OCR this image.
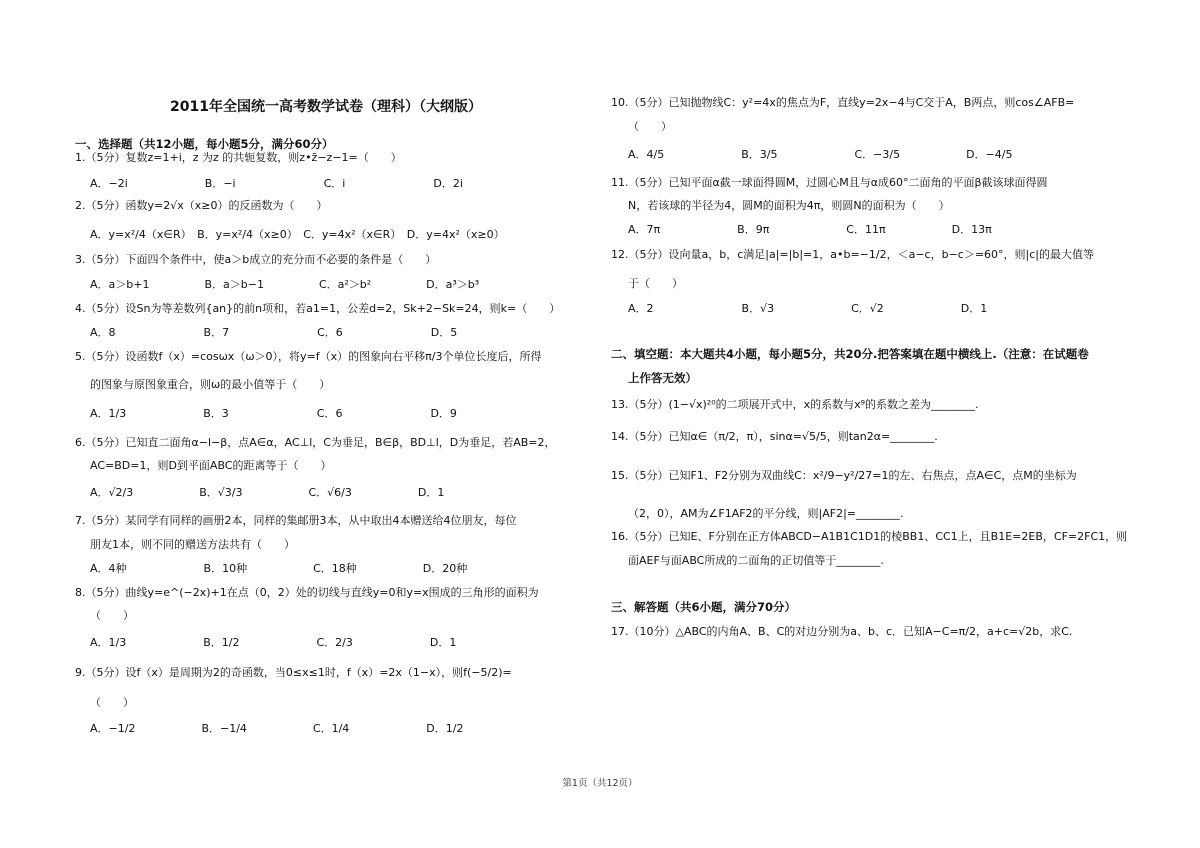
2011年全国统一高考数学试卷（理科）（大纲版）
一、选择题（共12小题，每小题5分，满分60分）
1.（5分）复数z=1+i，z 为z 的共轭复数，则z•z̄−z−1=（　　）
A．−2i　　　　　　　B．−i　　　　　　　　C．i　　　　　　　　D．2i
2.（5分）函数y=2√x（x≥0）的反函数为（　　）
A．y=x²/4（x∈R）　B．y=x²/4（x≥0）　C．y=4x²（x∈R）　D．y=4x²（x≥0）
3.（5分）下面四个条件中，使a＞b成立的充分而不必要的条件是（　　）
A．a＞b+1　　　　　B．a＞b−1　　　　　C．a²＞b²　　　　　D．a³＞b³
4.（5分）设Sn为等差数列{an}的前n项和，若a1=1，公差d=2，Sk+2−Sk=24，则k=（　　）
A．8　　　　　　　　B．7　　　　　　　　C．6　　　　　　　　D．5
5.（5分）设函数f（x）=cosωx（ω＞0），将y=f（x）的图象向右平移π/3个单位长度后，所得
的图象与原图象重合，则ω的最小值等于（　　）
A．1/3　　　　　　　B．3　　　　　　　　C．6　　　　　　　　D．9
6.（5分）已知直二面角α−l−β，点A∈α，AC⊥l，C为垂足，B∈β，BD⊥l，D为垂足，若AB=2，
AC=BD=1，则D到平面ABC的距离等于（　　）
A．√2/3　　　　　　B．√3/3　　　　　　C．√6/3　　　　　　D．1
7.（5分）某同学有同样的画册2本，同样的集邮册3本，从中取出4本赠送给4位朋友，每位
朋友1本，则不同的赠送方法共有（　　）
A．4种　　　　　　　B．10种　　　　　　C．18种　　　　　　D．20种
8.（5分）曲线y=e^(−2x)+1在点（0，2）处的切线与直线y=0和y=x围成的三角形的面积为
（　　）
A．1/3　　　　　　　B．1/2　　　　　　　C．2/3　　　　　　　D．1
9.（5分）设f（x）是周期为2的奇函数，当0≤x≤1时，f（x）=2x（1−x），则f(−5/2)=
（　　）
A．−1/2　　　　　　B．−1/4　　　　　　C．1/4　　　　　　　D．1/2
10.（5分）已知抛物线C：y²=4x的焦点为F，直线y=2x−4与C交于A，B两点，则cos∠AFB=
（　　）
A．4/5　　　　　　　B．3/5　　　　　　　C．−3/5　　　　　　D．−4/5
11.（5分）已知平面α截一球面得圆M，过圆心M且与α成60°二面角的平面β截该球面得圆
N，若该球的半径为4，圆M的面积为4π，则圆N的面积为（　　）
A．7π　　　　　　　B．9π　　　　　　　C．11π　　　　　　D．13π
12.（5分）设向量a，b，c满足|a|=|b|=1，a•b=−1/2，＜a−c，b−c＞=60°，则|c|的最大值等
于（　　）
A．2　　　　　　　　B．√3　　　　　　　C．√2　　　　　　　D．1
二、填空题：本大题共4小题，每小题5分，共20分.把答案填在题中横线上.（注意：在试题卷
上作答无效）
13.（5分）(1−√x)²⁰的二项展开式中，x的系数与x⁹的系数之差为________.
14.（5分）已知α∈（π/2，π），sinα=√5/5，则tan2α=________.
15.（5分）已知F1、F2分别为双曲线C：x²/9−y²/27=1的左、右焦点，点A∈C，点M的坐标为
（2，0），AM为∠F1AF2的平分线，则|AF2|=________.
16.（5分）已知E、F分别在正方体ABCD−A1B1C1D1的棱BB1、CC1上，且B1E=2EB，CF=2FC1，则
面AEF与面ABC所成的二面角的正切值等于________.
三、解答题（共6小题，满分70分）
17.（10分）△ABC的内角A、B、C的对边分别为a、b、c．已知A−C=π/2，a+c=√2b，求C.
第1页（共12页）
